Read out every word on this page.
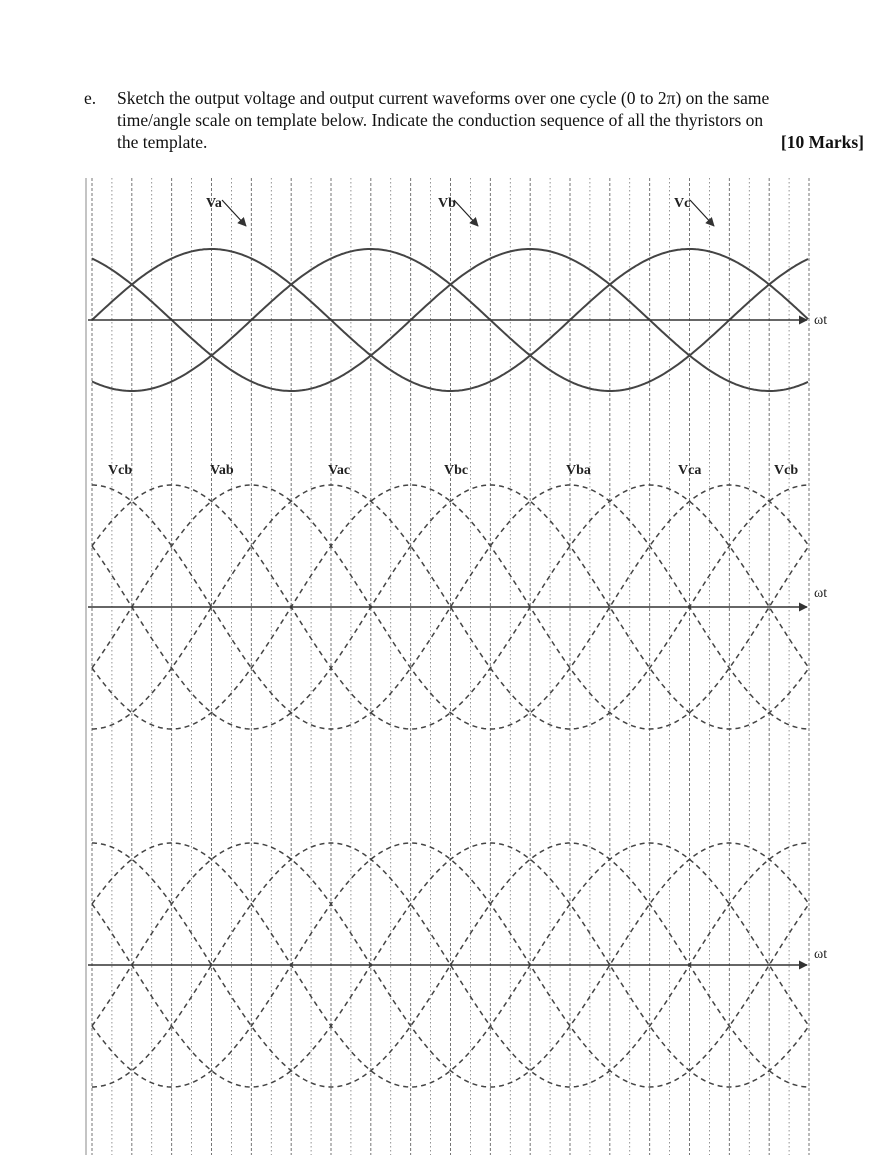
e. Sketch the output voltage and output current waveforms over one cycle (0 to 2π) on the same
time/angle scale on template below. Indicate the conduction sequence of all the thyristors on
the template.	[10 Marks]
ωt
Va	Vb	Vc
ωt
Vcb	Vab	Vac	Vbc	Vba	Vca	Vcb
ωt
